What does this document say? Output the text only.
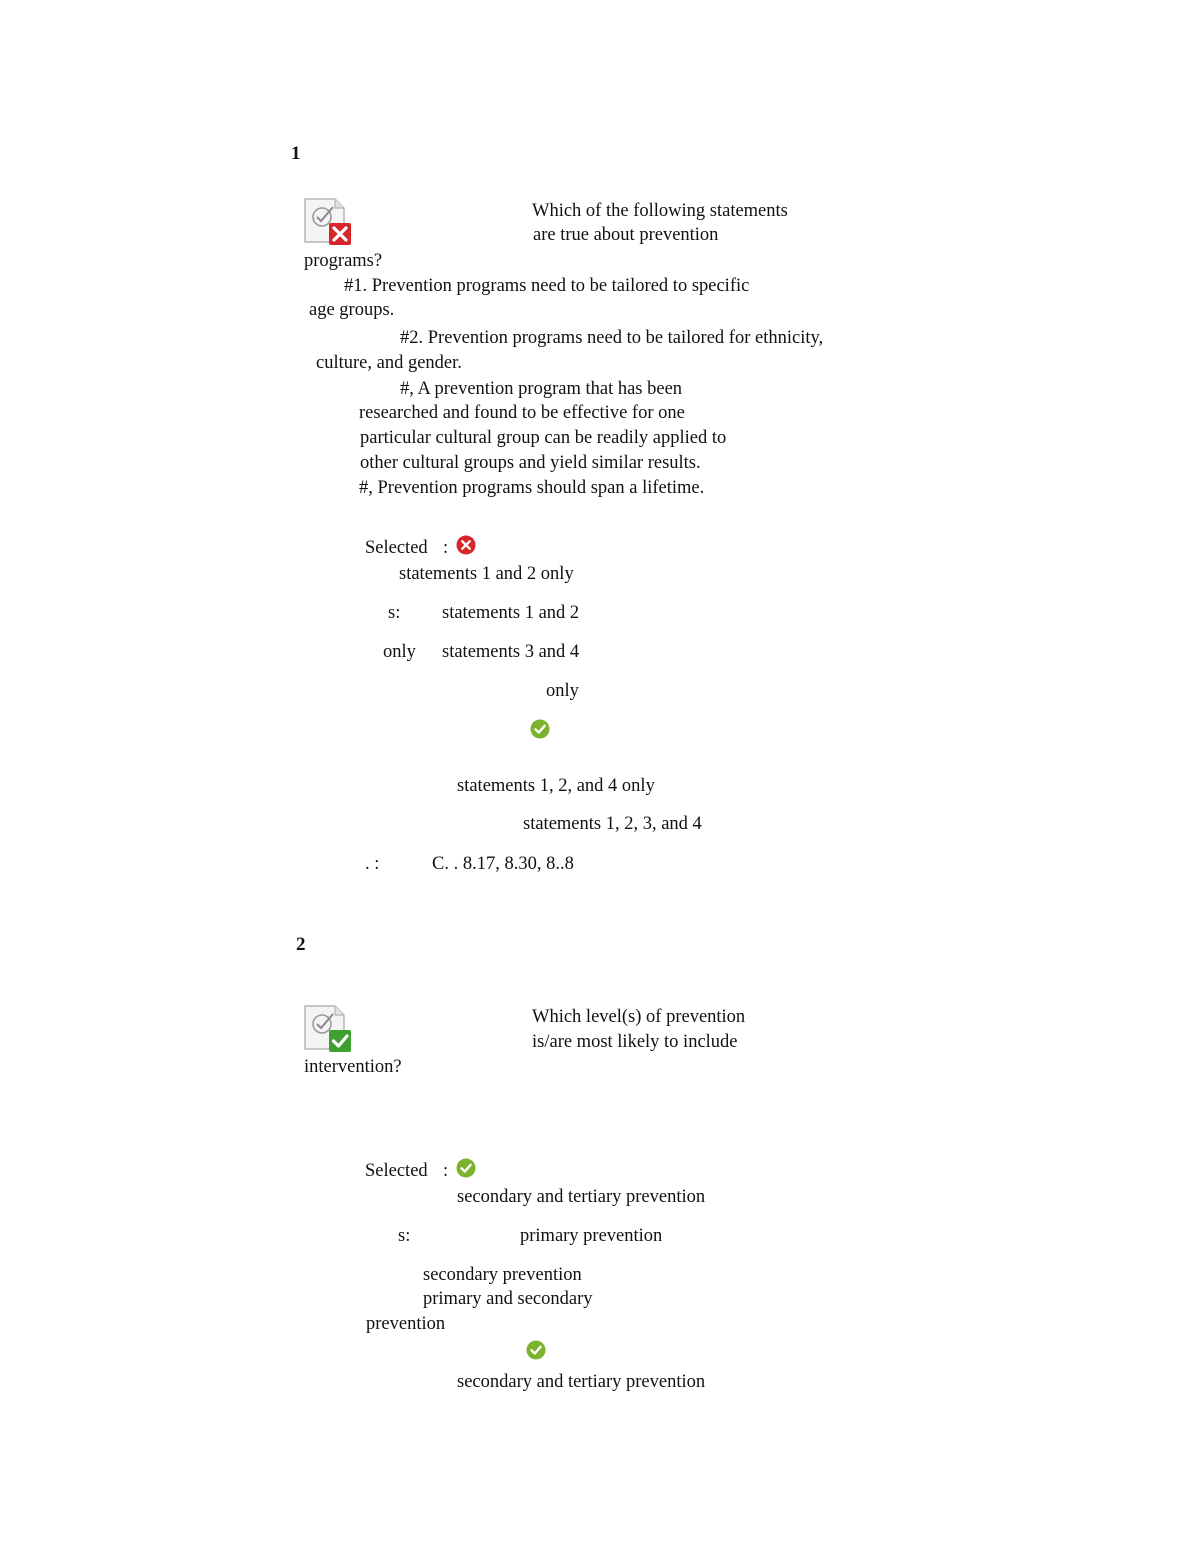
1
Which of the following statements
are true about prevention
programs?
#1. Prevention programs need to be tailored to specific
age groups.
#2. Prevention programs need to be tailored for ethnicity,
culture, and gender.
#, A prevention program that has been
researched and found to be effective for one
particular cultural group can be readily applied to
other cultural groups and yield similar results.
#, Prevention programs should span a lifetime.
Selected :
statements 1 and 2 only
s: statements 1 and 2
only statements 3 and 4
only
statements 1, 2, and 4 only
statements 1, 2, 3, and 4
. :	C. . 8.17, 8.30, 8..8
2
Which level(s) of prevention
is/are most likely to include
intervention?
Selected :
secondary and tertiary prevention
s:	primary prevention
secondary prevention
primary and secondary
prevention
secondary and tertiary prevention
